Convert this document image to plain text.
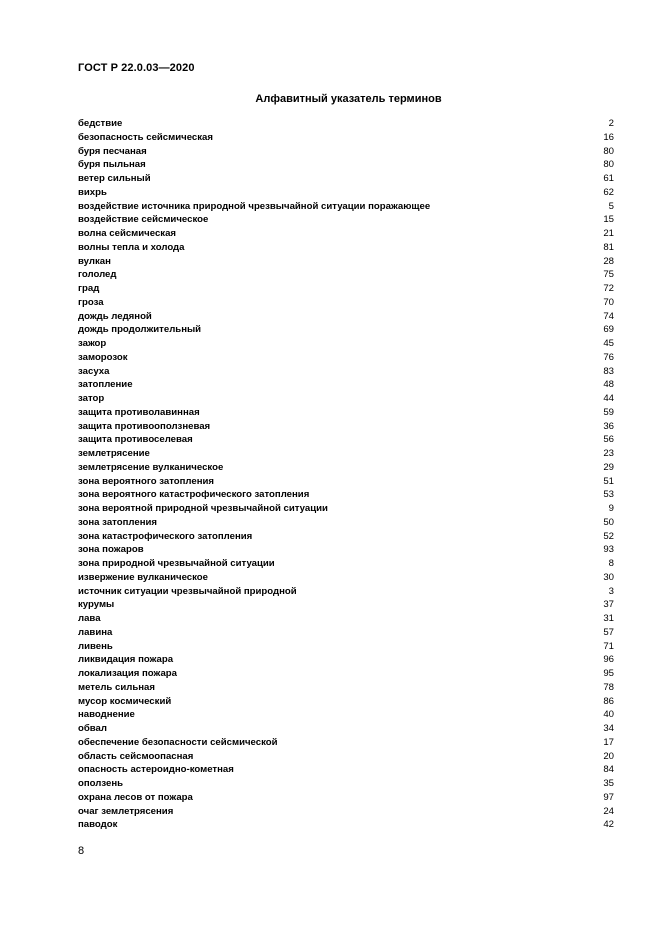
ГОСТ Р 22.0.03—2020
Алфавитный указатель терминов
бедствие	2
безопасность сейсмическая	16
буря песчаная	80
буря пыльная	80
ветер сильный	61
вихрь	62
воздействие источника природной чрезвычайной ситуации поражающее	5
воздействие сейсмическое	15
волна сейсмическая	21
волны тепла и холода	81
вулкан	28
гололед	75
град	72
гроза	70
дождь ледяной	74
дождь продолжительный	69
зажор	45
заморозок	76
засуха	83
затопление	48
затор	44
защита противолавинная	59
защита противооползневая	36
защита противоселевая	56
землетрясение	23
землетрясение вулканическое	29
зона вероятного затопления	51
зона вероятного катастрофического затопления	53
зона вероятной природной чрезвычайной ситуации	9
зона затопления	50
зона катастрофического затопления	52
зона пожаров	93
зона природной чрезвычайной ситуации	8
извержение вулканическое	30
источник ситуации чрезвычайной природной	3
курумы	37
лава	31
лавина	57
ливень	71
ликвидация пожара	96
локализация пожара	95
метель сильная	78
мусор космический	86
наводнение	40
обвал	34
обеспечение безопасности сейсмической	17
область сейсмоопасная	20
опасность астероидно-кометная	84
оползень	35
охрана лесов от пожара	97
очаг землетрясения	24
паводок	42
8
